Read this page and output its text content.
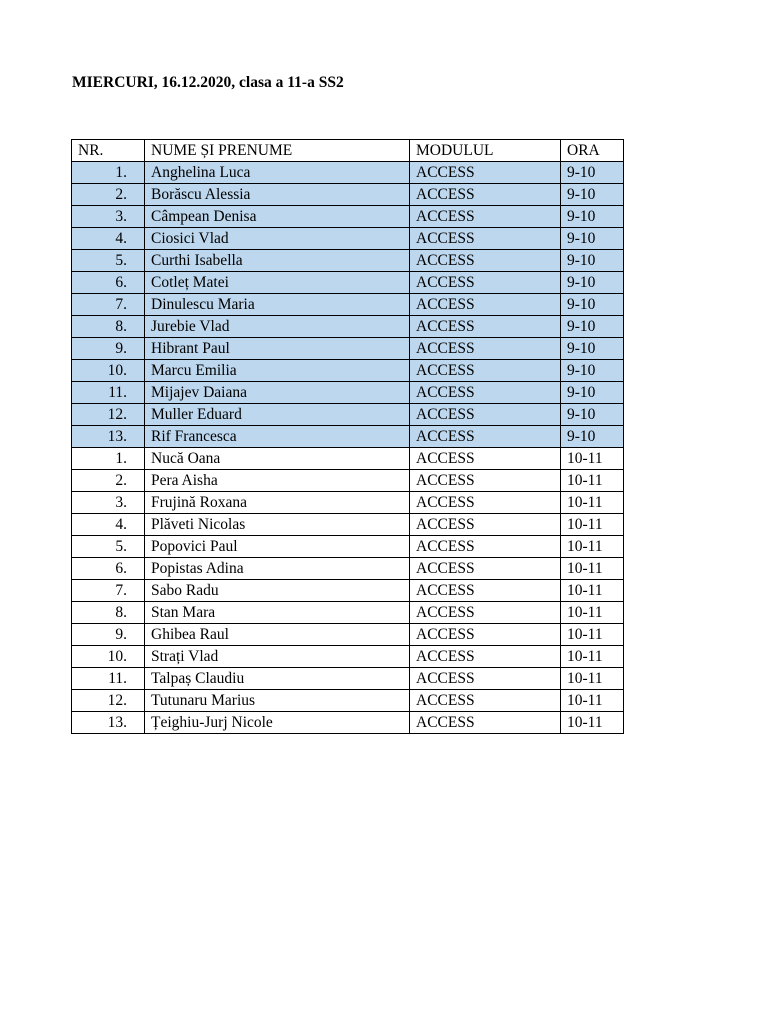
MIERCURI, 16.12.2020, clasa a 11-a SS2
NR.	NUME ȘI PRENUME	MODULUL	ORA
1.	Anghelina Luca	ACCESS	9-10
2.	Borăscu Alessia	ACCESS	9-10
3.	Câmpean Denisa	ACCESS	9-10
4.	Ciosici Vlad	ACCESS	9-10
5.	Curthi Isabella	ACCESS	9-10
6.	Cotleț Matei	ACCESS	9-10
7.	Dinulescu Maria	ACCESS	9-10
8.	Jurebie Vlad	ACCESS	9-10
9.	Hibrant Paul	ACCESS	9-10
10.	Marcu Emilia	ACCESS	9-10
11.	Mijajev Daiana	ACCESS	9-10
12.	Muller Eduard	ACCESS	9-10
13.	Rif Francesca	ACCESS	9-10
1.	Nucă Oana	ACCESS	10-11
2.	Pera Aisha	ACCESS	10-11
3.	Frujină Roxana	ACCESS	10-11
4.	Plăveti Nicolas	ACCESS	10-11
5.	Popovici Paul	ACCESS	10-11
6.	Popistas Adina	ACCESS	10-11
7.	Sabo Radu	ACCESS	10-11
8.	Stan Mara	ACCESS	10-11
9.	Ghibea Raul	ACCESS	10-11
10.	Strați Vlad	ACCESS	10-11
11.	Talpaș Claudiu	ACCESS	10-11
12.	Tutunaru Marius	ACCESS	10-11
13.	Țeighiu-Jurj Nicole	ACCESS	10-11
